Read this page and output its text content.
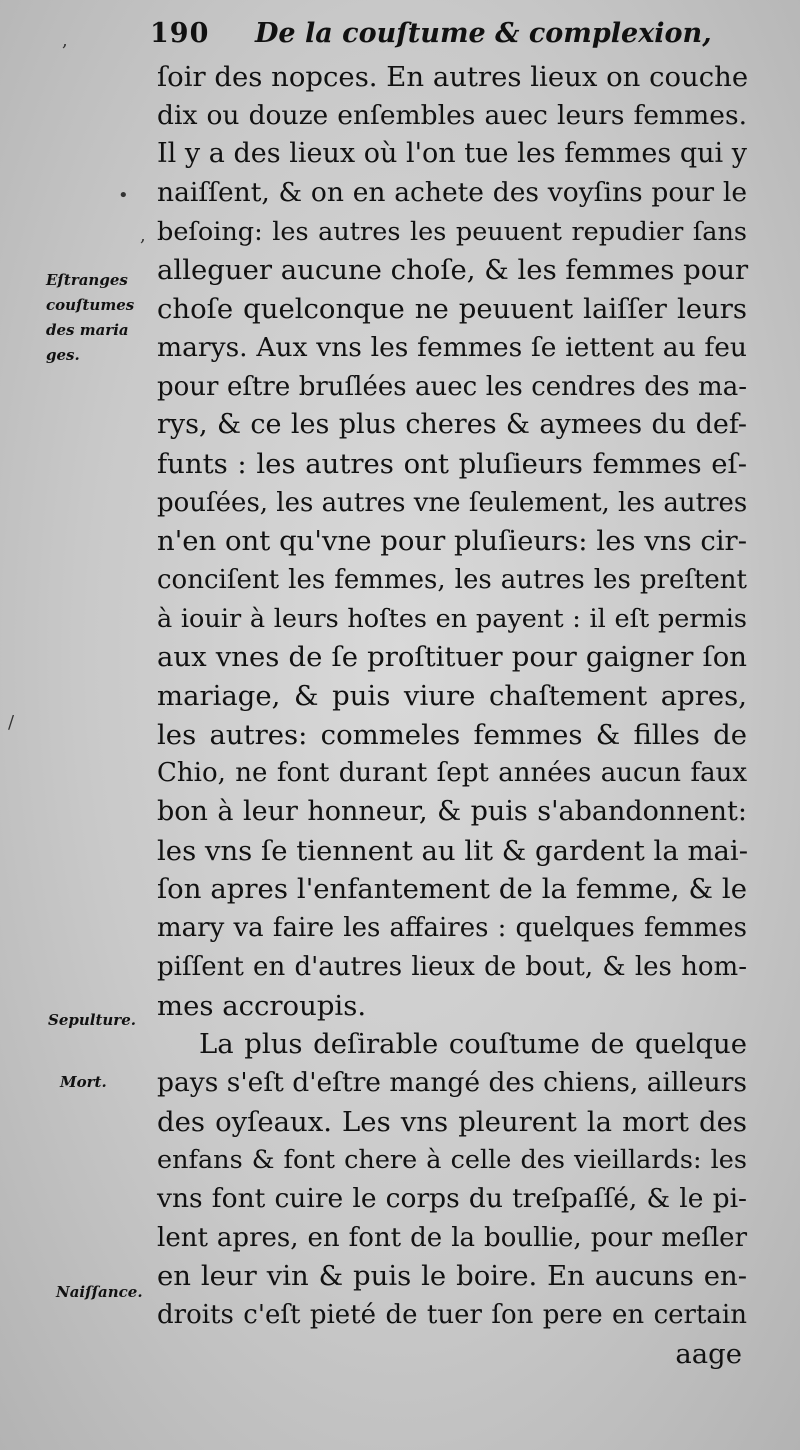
190 De la couſtume & complexion,
,
•
,
/
Eſtranges
couſtumes
des maria
ges.
Sepulture.
Mort.
Naiſſance.
ſoir des nopces. En autres lieux on couche
dix ou douze enſembles auec leurs femmes.
Il y a des lieux où l'on tue les femmes qui y
naiſſent, & on en achete des voyſins pour le
beſoing: les autres les peuuent repudier ſans
alleguer aucune choſe, & les femmes pour
choſe quelconque ne peuuent laiſſer leurs
marys. Aux vns les femmes ſe iettent au feu
pour eſtre bruſlées auec les cendres des ma-
rys, & ce les plus cheres & aymees du def-
funts : les autres ont pluſieurs femmes eſ-
pouſées, les autres vne ſeulement, les autres
n'en ont qu'vne pour pluſieurs: les vns cir-
conciſent les femmes, les autres les preſtent
à iouir à leurs hoſtes en payent : il eſt permis
aux vnes de ſe proſtituer pour gaigner ſon
mariage, & puis viure chaſtement apres,
les autres: commeles femmes & filles de
Chio, ne font durant ſept années aucun faux
bon à leur honneur, & puis s'abandonnent:
les vns ſe tiennent au lit & gardent la mai-
ſon apres l'enfantement de la femme, & le
mary va faire les affaires : quelques femmes
piſſent en d'autres lieux de bout, & les hom-
mes accroupis.
La plus deſirable couſtume de quelque
pays s'eſt d'eſtre mangé des chiens, ailleurs
des oyſeaux. Les vns pleurent la mort des
enfans & font chere à celle des vieillards: les
vns font cuire le corps du treſpaſſé, & le pi-
lent apres, en font de la boullie, pour meſler
en leur vin & puis le boire. En aucuns en-
droits c'eſt pieté de tuer ſon pere en certain
aage
